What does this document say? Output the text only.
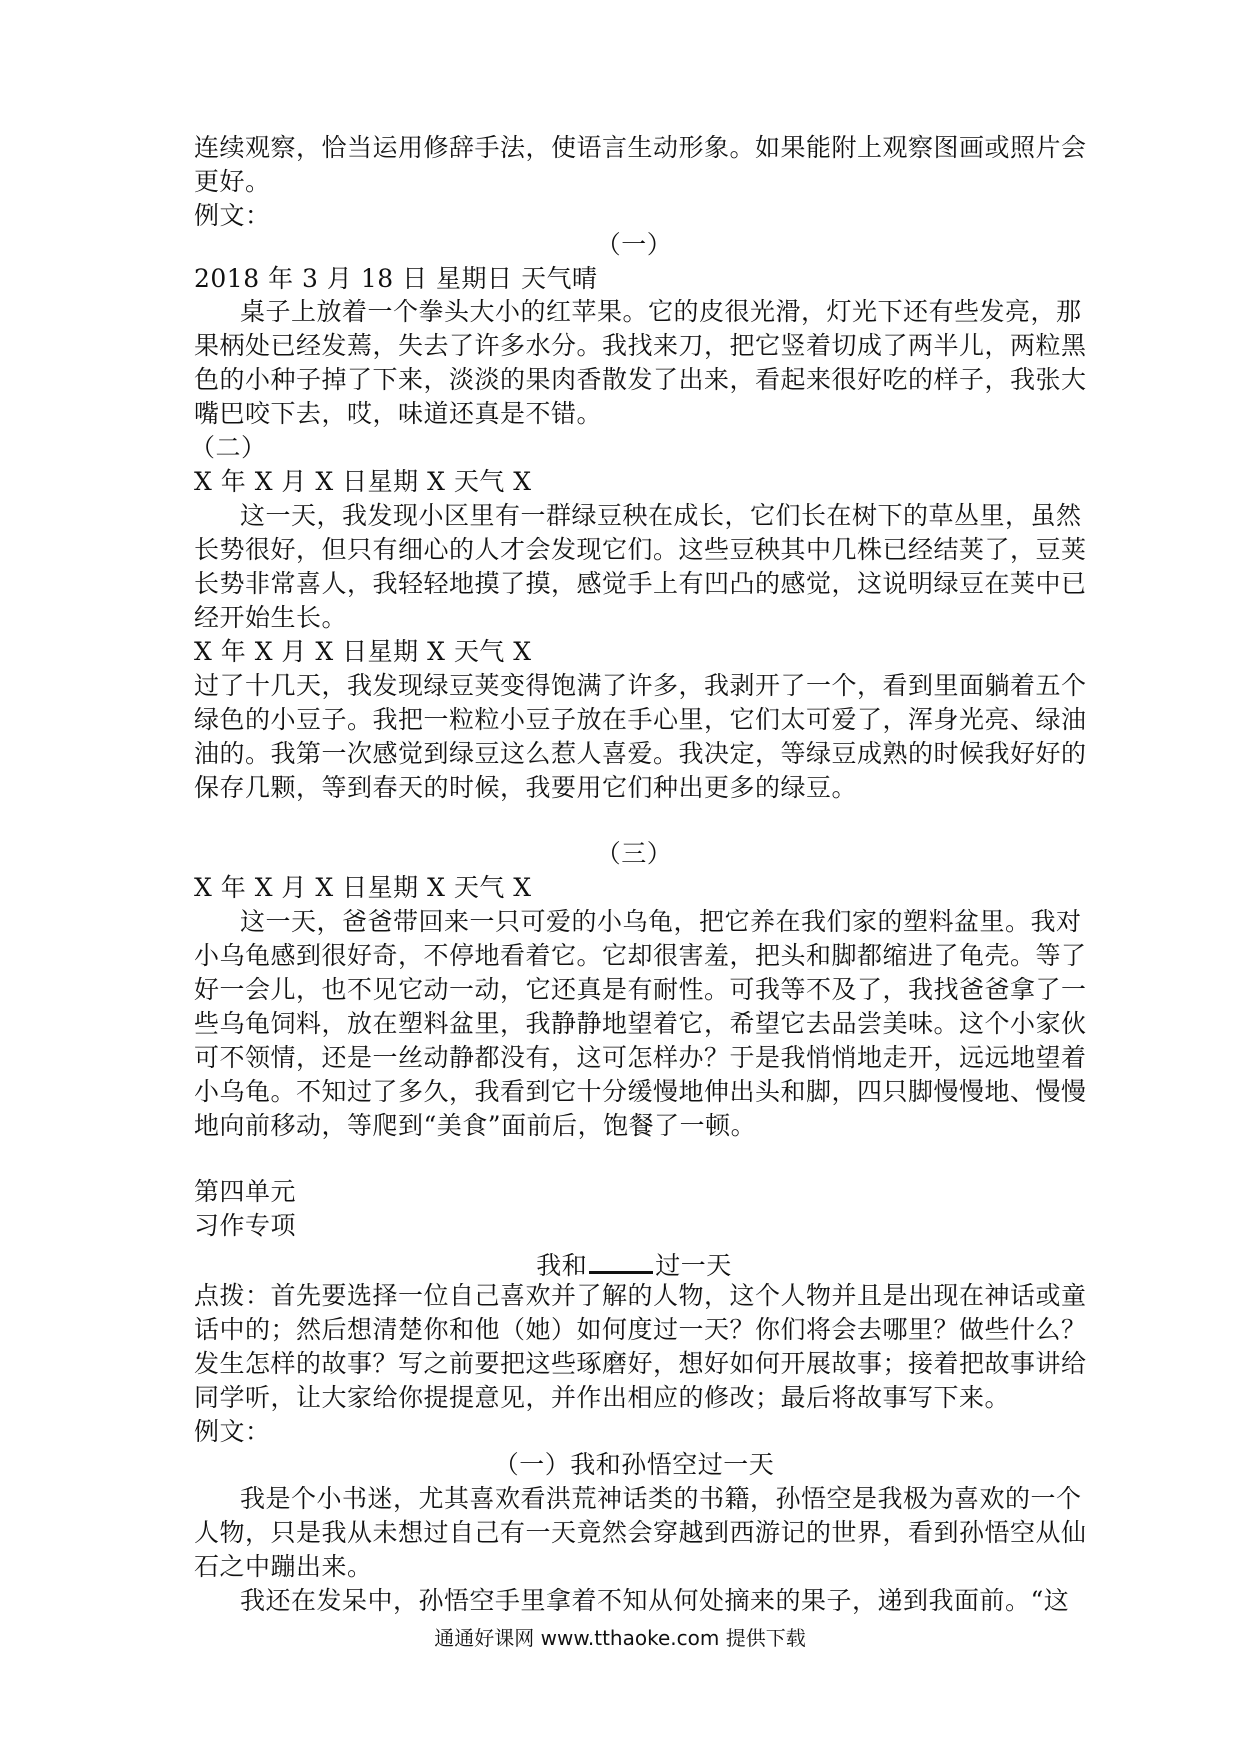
连续观察，恰当运用修辞手法，使语言生动形象。如果能附上观察图画或照片会
更好。
例文：
（一）
2018 年 3 月 18 日 星期日 天气晴
桌子上放着一个拳头大小的红苹果。它的皮很光滑，灯光下还有些发亮，那
果柄处已经发蔫，失去了许多水分。我找来刀，把它竖着切成了两半儿，两粒黑
色的小种子掉了下来，淡淡的果肉香散发了出来，看起来很好吃的样子，我张大
嘴巴咬下去，哎，味道还真是不错。
（二）
X 年 X 月 X 日星期 X 天气 X
这一天，我发现小区里有一群绿豆秧在成长，它们长在树下的草丛里，虽然
长势很好，但只有细心的人才会发现它们。这些豆秧其中几株已经结荚了，豆荚
长势非常喜人，我轻轻地摸了摸，感觉手上有凹凸的感觉，这说明绿豆在荚中已
经开始生长。
X 年 X 月 X 日星期 X 天气 X
过了十几天，我发现绿豆荚变得饱满了许多，我剥开了一个，看到里面躺着五个
绿色的小豆子。我把一粒粒小豆子放在手心里，它们太可爱了，浑身光亮、绿油
油的。我第一次感觉到绿豆这么惹人喜爱。我决定，等绿豆成熟的时候我好好的
保存几颗，等到春天的时候，我要用它们种出更多的绿豆。
（三）
X 年 X 月 X 日星期 X 天气 X
这一天，爸爸带回来一只可爱的小乌龟，把它养在我们家的塑料盆里。我对
小乌龟感到很好奇，不停地看着它。它却很害羞，把头和脚都缩进了龟壳。等了
好一会儿，也不见它动一动，它还真是有耐性。可我等不及了，我找爸爸拿了一
些乌龟饲料，放在塑料盆里，我静静地望着它，希望它去品尝美味。这个小家伙
可不领情，还是一丝动静都没有，这可怎样办？于是我悄悄地走开，远远地望着
小乌龟。不知过了多久，我看到它十分缓慢地伸出头和脚，四只脚慢慢地、慢慢
地向前移动，等爬到“美食”面前后，饱餐了一顿。
第四单元
习作专项
我和	过一天
点拨：首先要选择一位自己喜欢并了解的人物，这个人物并且是出现在神话或童
话中的；然后想清楚你和他（她）如何度过一天？你们将会去哪里？做些什么？
发生怎样的故事？写之前要把这些琢磨好，想好如何开展故事；接着把故事讲给
同学听，让大家给你提提意见，并作出相应的修改；最后将故事写下来。
例文：
（一）我和孙悟空过一天
我是个小书迷，尤其喜欢看洪荒神话类的书籍，孙悟空是我极为喜欢的一个
人物，只是我从未想过自己有一天竟然会穿越到西游记的世界，看到孙悟空从仙
石之中蹦出来。
我还在发呆中，孙悟空手里拿着不知从何处摘来的果子，递到我面前。“这
通通好课网 www.tthaoke.com 提供下载
